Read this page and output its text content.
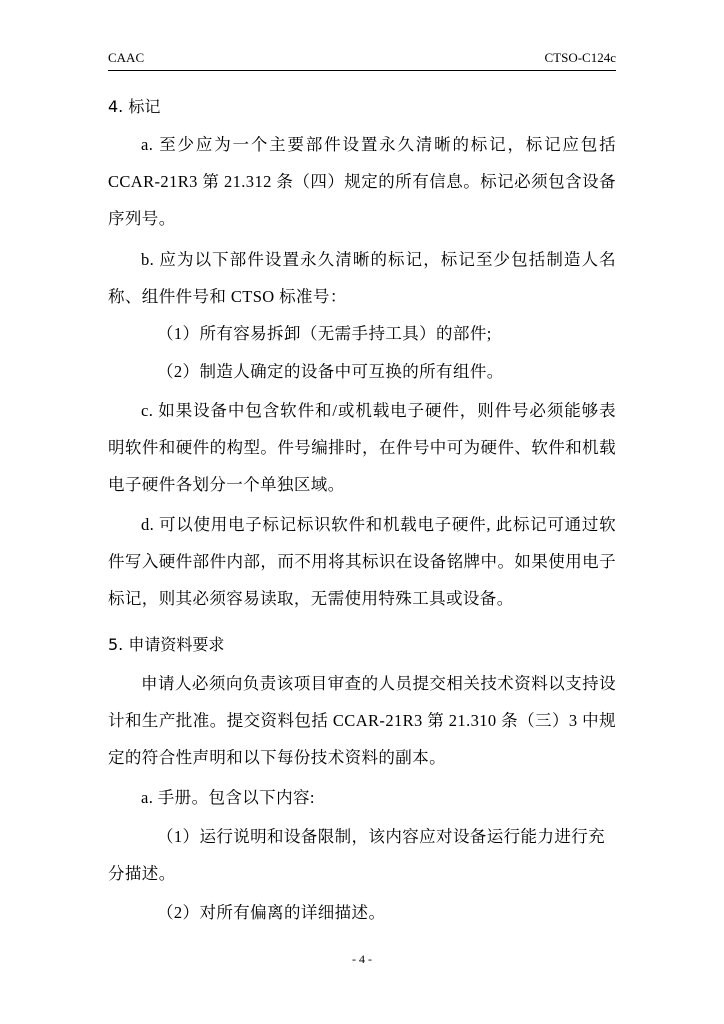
CAAC	CTSO-C124c
4. 标记
a. 至少应为一个主要部件设置永久清晰的标记，标记应包括CCAR-21R3 第 21.312 条（四）规定的所有信息。标记必须包含设备序列号。
b. 应为以下部件设置永久清晰的标记，标记至少包括制造人名称、组件件号和 CTSO 标准号：
（1）所有容易拆卸（无需手持工具）的部件;
（2）制造人确定的设备中可互换的所有组件。
c. 如果设备中包含软件和/或机载电子硬件，则件号必须能够表明软件和硬件的构型。件号编排时，在件号中可为硬件、软件和机载电子硬件各划分一个单独区域。
d. 可以使用电子标记标识软件和机载电子硬件, 此标记可通过软件写入硬件部件内部，而不用将其标识在设备铭牌中。如果使用电子标记，则其必须容易读取，无需使用特殊工具或设备。
5. 申请资料要求
申请人必须向负责该项目审查的人员提交相关技术资料以支持设计和生产批准。提交资料包括 CCAR-21R3 第 21.310 条（三）3 中规定的符合性声明和以下每份技术资料的副本。
a. 手册。包含以下内容:
（1）运行说明和设备限制，该内容应对设备运行能力进行充分描述。
（2）对所有偏离的详细描述。
- 4 -
